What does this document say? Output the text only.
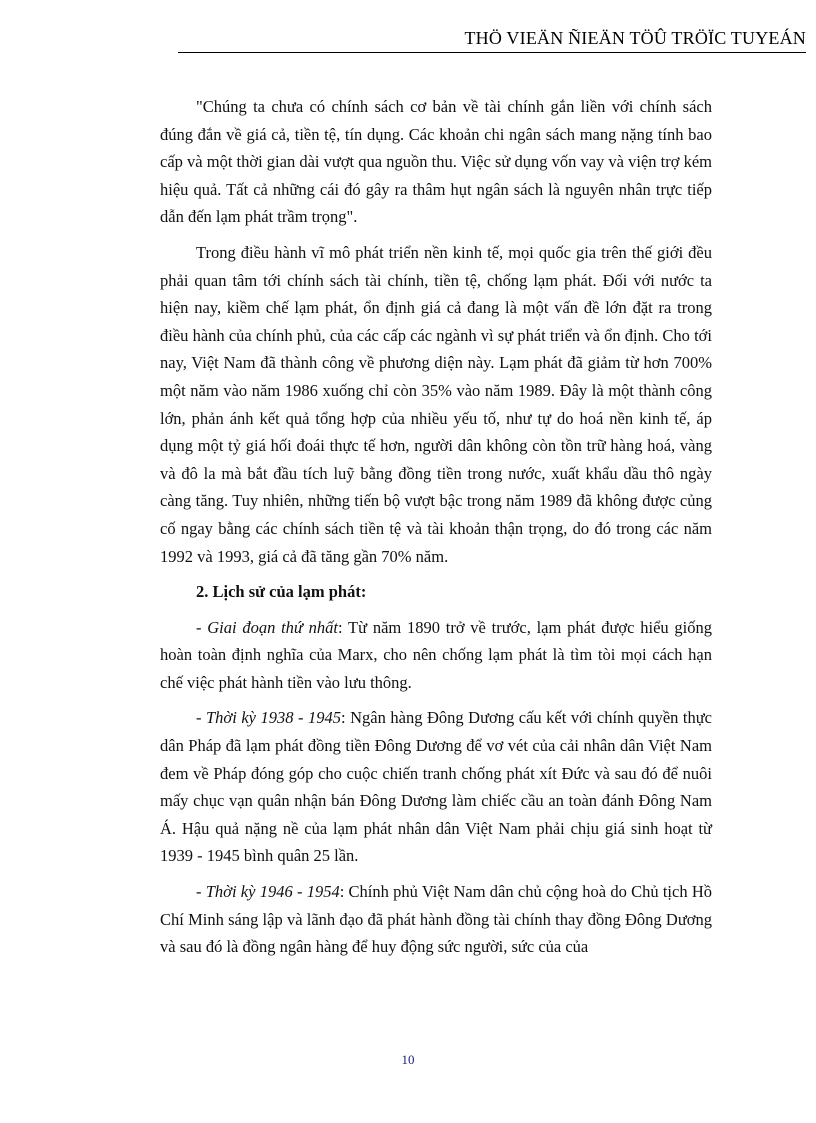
THÖ VIEÄN ÑIEÄN TÖÛ TRÖÏC TUYEÁN

"Chúng ta chưa có chính sách cơ bản về tài chính gắn liền với chính sách đúng đắn về giá cả, tiền tệ, tín dụng. Các khoản chi ngân sách mang nặng tính bao cấp và một thời gian dài vượt qua nguồn thu. Việc sử dụng vốn vay và viện trợ kém hiệu quả. Tất cả những cái đó gây ra thâm hụt ngân sách là nguyên nhân trực tiếp dẫn đến lạm phát trầm trọng".

Trong điều hành vĩ mô phát triển nền kinh tế, mọi quốc gia trên thế giới đều phải quan tâm tới chính sách tài chính, tiền tệ, chống lạm phát. Đối với nước ta hiện nay, kiềm chế lạm phát, ổn định giá cả đang là một vấn đề lớn đặt ra trong điều hành của chính phủ, của các cấp các ngành vì sự phát triển và ổn định. Cho tới nay, Việt Nam đã thành công về phương diện này. Lạm phát đã giảm từ hơn 700% một năm vào năm 1986 xuống chỉ còn 35% vào năm 1989. Đây là một thành công lớn, phản ánh kết quả tổng hợp của nhiều yếu tố, như tự do hoá nền kinh tế, áp dụng một tỷ giá hối đoái thực tế hơn, người dân không còn tồn trữ hàng hoá, vàng và đô la mà bắt đầu tích luỹ bằng đồng tiền trong nước, xuất khẩu dầu thô ngày càng tăng. Tuy nhiên, những tiến bộ vượt bậc trong năm 1989 đã không được củng cố ngay bằng các chính sách tiền tệ và tài khoản thận trọng, do đó trong các năm 1992 và 1993, giá cả đã tăng gần 70% năm.

2. Lịch sử của lạm phát:

- Giai đoạn thứ nhất: Từ năm 1890 trở về trước, lạm phát được hiểu giống hoàn toàn định nghĩa của Marx, cho nên chống lạm phát là tìm tòi mọi cách hạn chế việc phát hành tiền vào lưu thông.

- Thời kỳ 1938 - 1945: Ngân hàng Đông Dương cấu kết với chính quyền thực dân Pháp đã lạm phát đồng tiền Đông Dương để vơ vét của cải nhân dân Việt Nam đem về Pháp đóng góp cho cuộc chiến tranh chống phát xít Đức và sau đó để nuôi mấy chục vạn quân nhận bán Đông Dương làm chiếc cầu an toàn đánh Đông Nam Á. Hậu quả nặng nề của lạm phát nhân dân Việt Nam phải chịu giá sinh hoạt từ 1939 - 1945 bình quân 25 lần.

- Thời kỳ 1946 - 1954: Chính phủ Việt Nam dân chủ cộng hoà do Chủ tịch Hồ Chí Minh sáng lập và lãnh đạo đã phát hành đồng tài chính thay đồng Đông Dương và sau đó là đồng ngân hàng để huy động sức người, sức của của

10
